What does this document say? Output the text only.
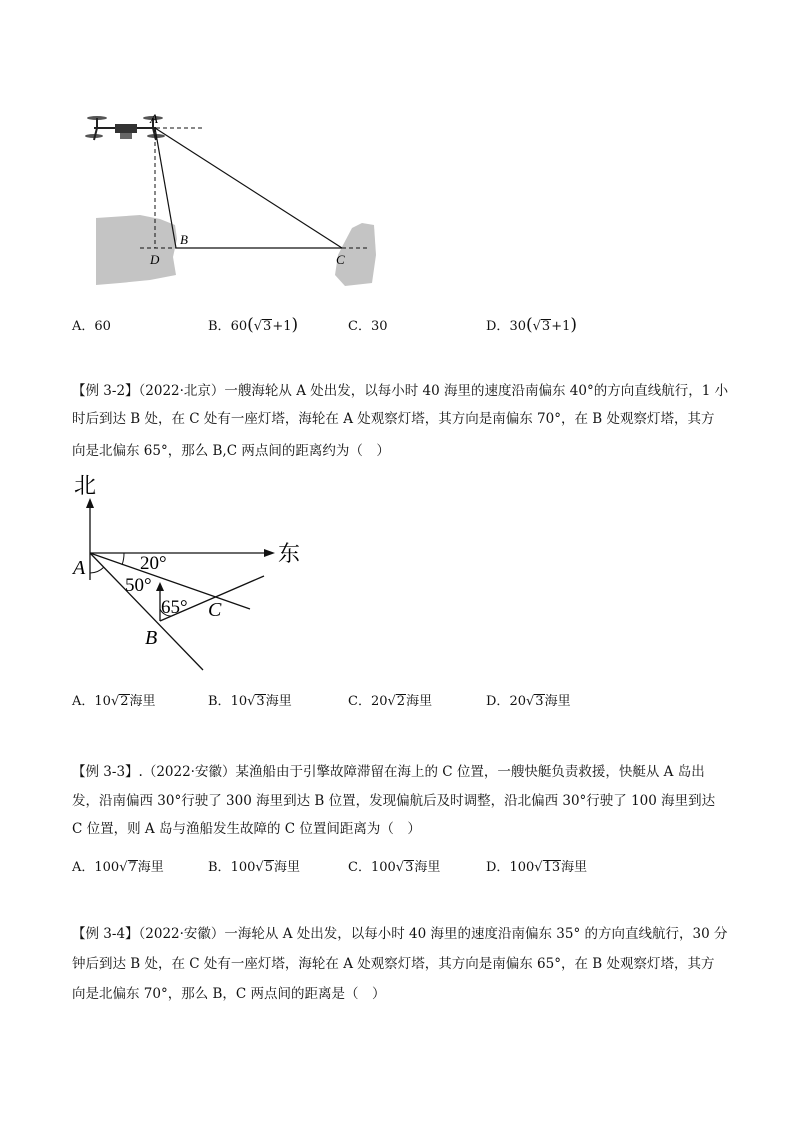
A
B
C
D
A．60	B．60(√3+1)	C．30	D．30(√3+1)
【例 3-2】（2022·北京）一艘海轮从 A 处出发，以每小时 40 海里的速度沿南偏东 40°的方向直线航行，1 小
时后到达 B 处，在 C 处有一座灯塔，海轮在 A 处观察灯塔，其方向是南偏东 70°，在 B 处观察灯塔，其方
向是北偏东 65°，那么 B,C 两点间的距离约为（　）
北
东
A
B
C
20°
50°
65°
A．10√2海里	B．10√3海里	C．20√2海里	D．20√3海里
【例 3-3】.（2022·安徽）某渔船由于引擎故障滞留在海上的 C 位置，一艘快艇负责救援，快艇从 A 岛出
发，沿南偏西 30°行驶了 300 海里到达 B 位置，发现偏航后及时调整，沿北偏西 30°行驶了 100 海里到达
C 位置，则 A 岛与渔船发生故障的 C 位置间距离为（　）
A．100√7海里	B．100√5海里	C．100√3海里	D．100√13海里
【例 3-4】（2022·安徽）一海轮从 A 处出发，以每小时 40 海里的速度沿南偏东 35° 的方向直线航行，30 分
钟后到达 B 处，在 C 处有一座灯塔，海轮在 A 处观察灯塔，其方向是南偏东 65°，在 B 处观察灯塔，其方
向是北偏东 70°，那么 B，C 两点间的距离是（　）
